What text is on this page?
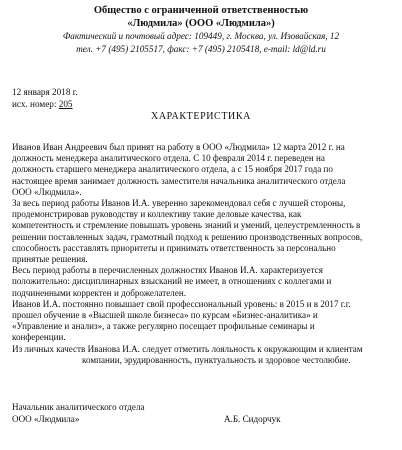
Общество с ограниченной ответственностью
«Людмила» (ООО «Людмила»)
Фактический и почтовый адрес: 109449, г. Москва, ул. Изовайская, 12
тел. +7 (495) 2105517, факс: +7 (495) 2105418, e-mail: ld@ld.ru
12 января 2018 г.
исх. номер: 205
ХАРАКТЕРИСТИКА
Иванов Иван Андреевич был принят на работу в ООО «Людмила» 12 марта 2012 г. на
должность менеджера аналитического отдела. С 10 февраля 2014 г. переведен на
должность старшего менеджера аналитического отдела, а с 15 ноября 2017 года по
настоящее время занимает должность заместителя начальника аналитического отдела
ООО «Людмила».
За весь период работы Иванов И.А. уверенно зарекомендовал себя с лучшей стороны,
продемонстрировав руководству и коллективу такие деловые качества, как
компетентность и стремление повышать уровень знаний и умений, целеустремленность в
решении поставленных задач, грамотный подход к решению производственных вопросов,
способность расставлять приоритеты и принимать ответственность за персонально
принятые решения.
Весь период работы в перечисленных должностях Иванов И.А. характеризуется
положительно: дисциплинарных взысканий не имеет, в отношениях с коллегами и
подчиненными корректен и доброжелателен.
Иванов И.А. постоянно повышает свой профессиональный уровень: в 2015 и в 2017 г.г.
прошел обучение в «Высшей школе бизнеса» по курсам «Бизнес-аналитика» и
«Управление и анализ», а также регулярно посещает профильные семинары и
конференции.
Из личных качеств Иванова И.А. следует отметить лояльность к окружающим и клиентам
компании, эрудированность, пунктуальность и здоровое честолюбие.
Начальник аналитического отдела
ООО «Людмила»	А.Б. Сидорчук
